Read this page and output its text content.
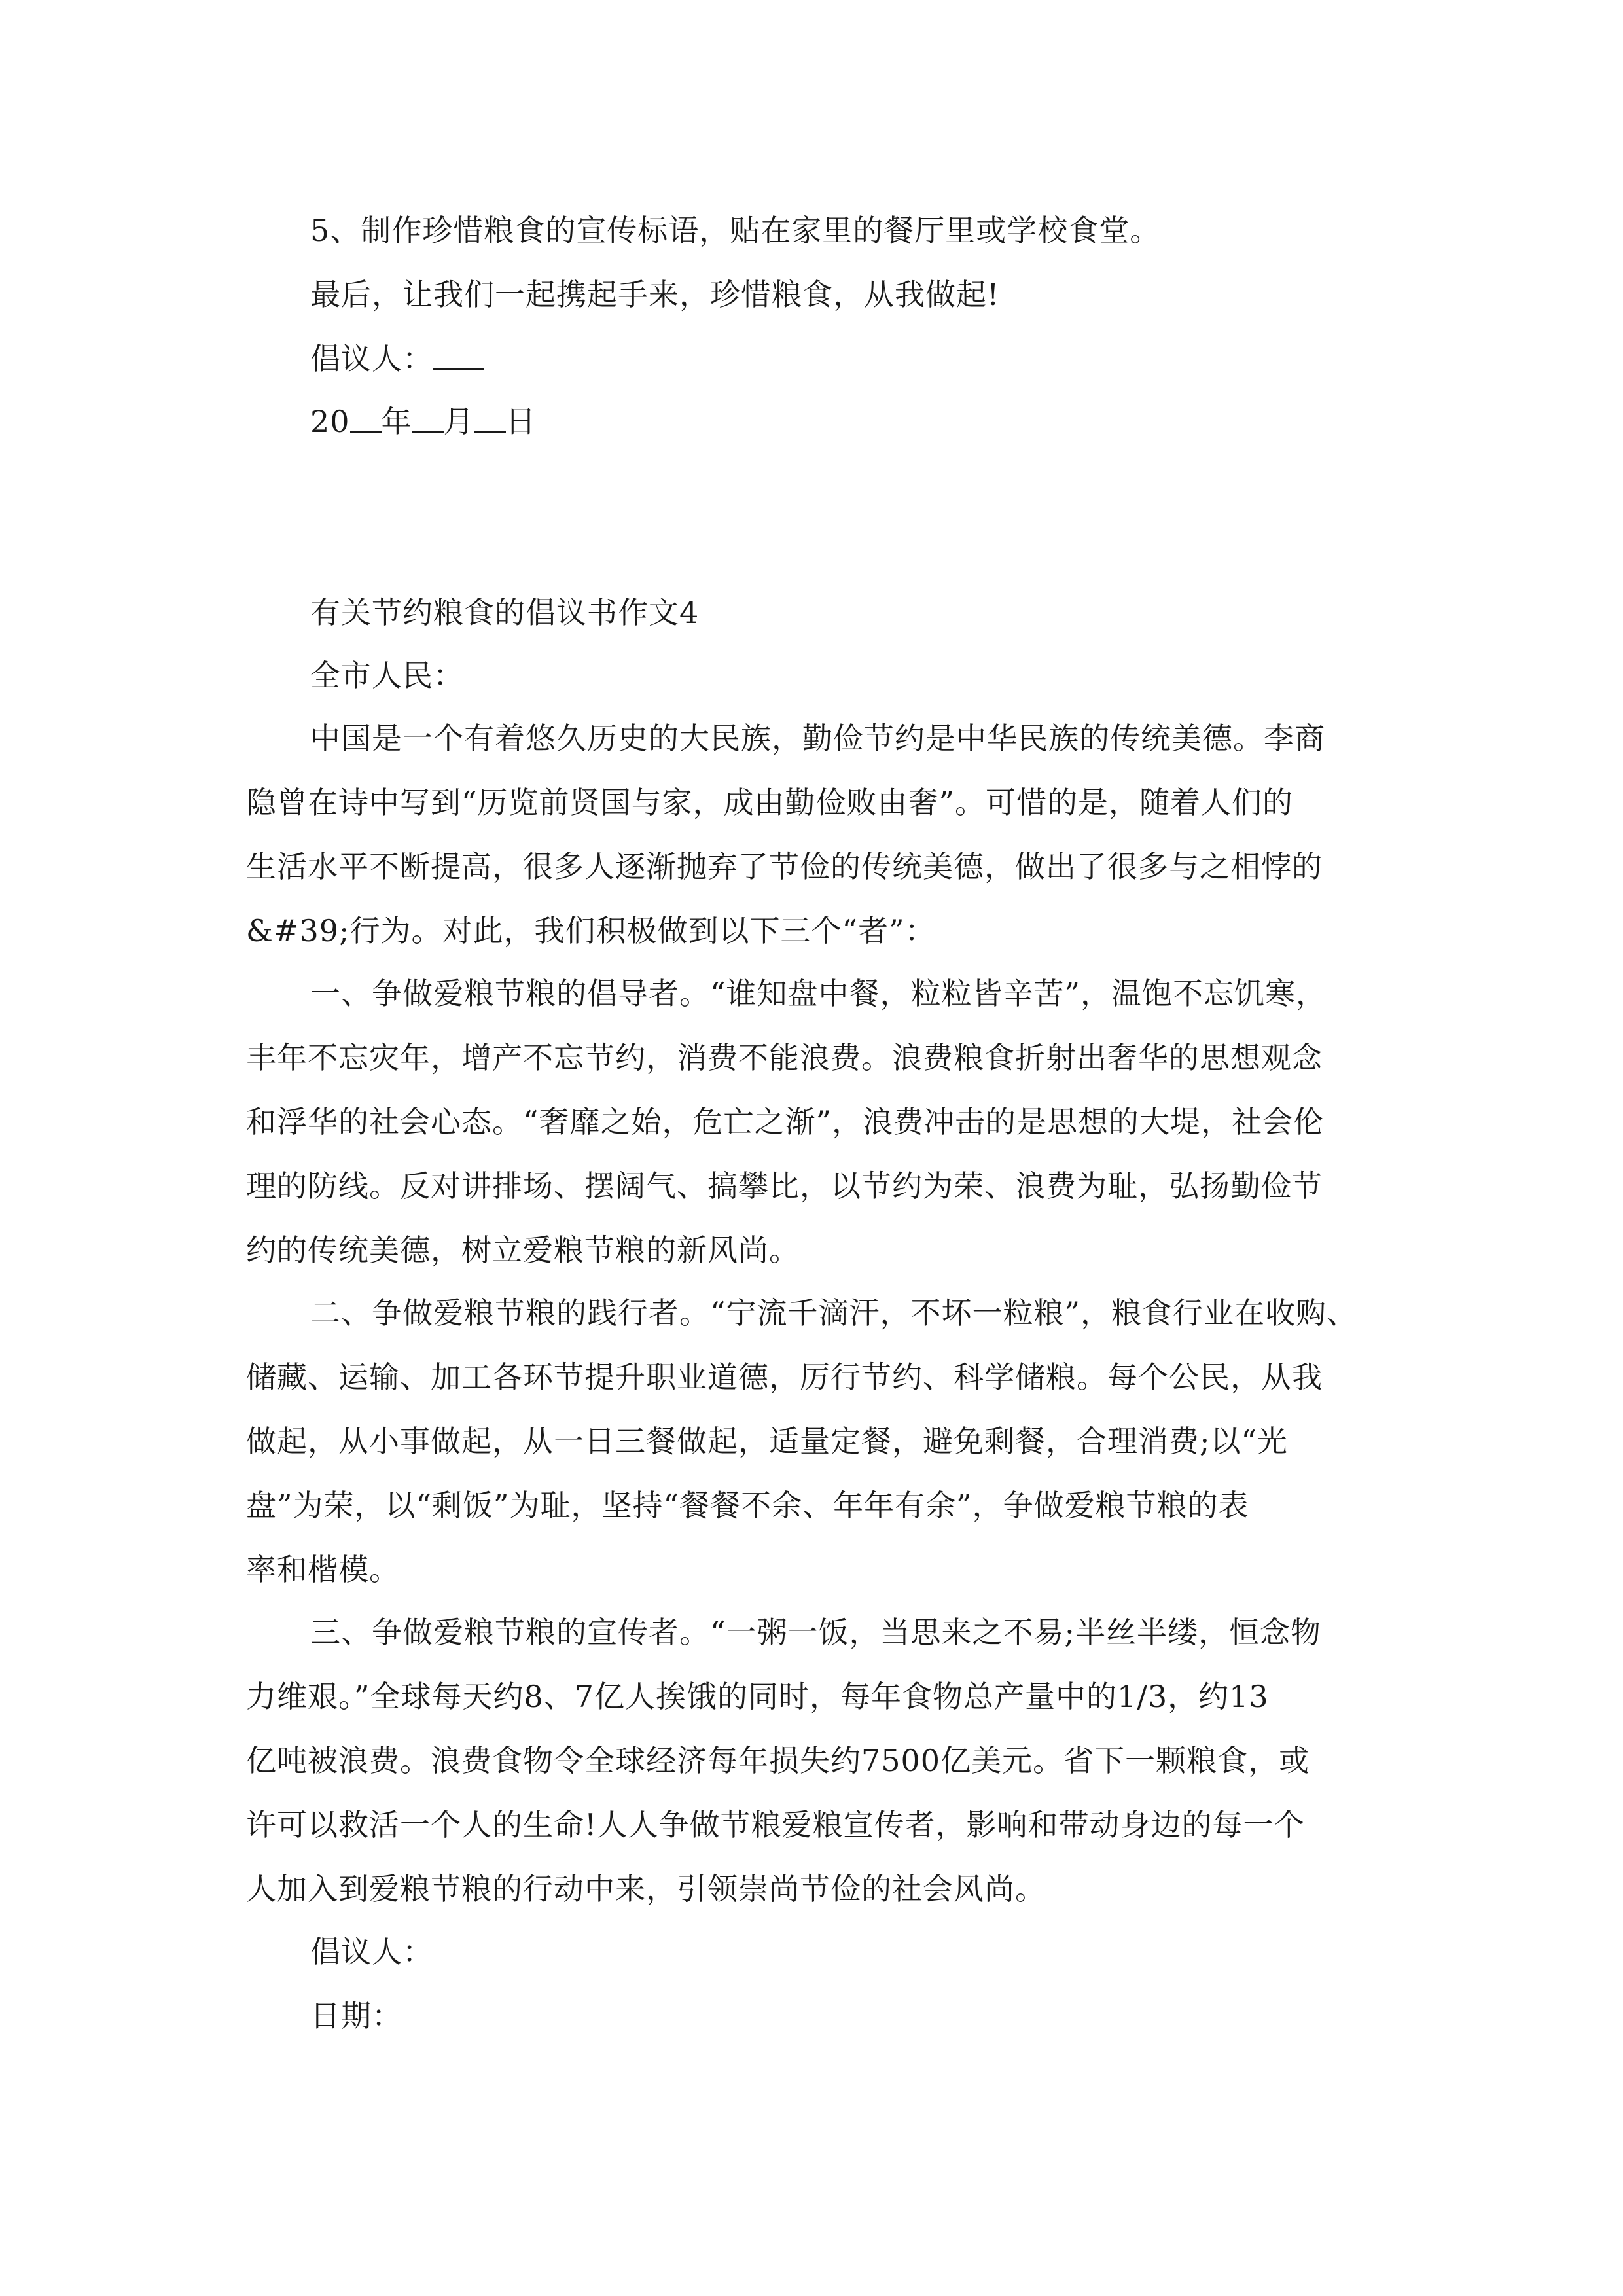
5、制作珍惜粮食的宣传标语，贴在家里的餐厅里或学校食堂。
最后，让我们一起携起手来，珍惜粮食，从我做起!
倡议人：
20 年 月 日
有关节约粮食的倡议书作文4
全市人民：
中国是一个有着悠久历史的大民族，勤俭节约是中华民族的传统美德。李商
隐曾在诗中写到“历览前贤国与家，成由勤俭败由奢”。可惜的是，随着人们的
生活水平不断提高，很多人逐渐抛弃了节俭的传统美德，做出了很多与之相悖的
&#39;行为。对此，我们积极做到以下三个“者”：
一、争做爱粮节粮的倡导者。“谁知盘中餐，粒粒皆辛苦”，温饱不忘饥寒，
丰年不忘灾年，增产不忘节约，消费不能浪费。浪费粮食折射出奢华的思想观念
和浮华的社会心态。“奢靡之始，危亡之渐”，浪费冲击的是思想的大堤，社会伦
理的防线。反对讲排场、摆阔气、搞攀比，以节约为荣、浪费为耻，弘扬勤俭节
约的传统美德，树立爱粮节粮的新风尚。
二、争做爱粮节粮的践行者。“宁流千滴汗，不坏一粒粮”，粮食行业在收购、
储藏、运输、加工各环节提升职业道德，厉行节约、科学储粮。每个公民，从我
做起，从小事做起，从一日三餐做起，适量定餐，避免剩餐，合理消费;以“光
盘”为荣，以“剩饭”为耻，坚持“餐餐不余、年年有余”，争做爱粮节粮的表
率和楷模。
三、争做爱粮节粮的宣传者。“一粥一饭，当思来之不易;半丝半缕，恒念物
力维艰。”全球每天约8、7亿人挨饿的同时，每年食物总产量中的1/3，约13
亿吨被浪费。浪费食物令全球经济每年损失约7500亿美元。省下一颗粮食，或
许可以救活一个人的生命!人人争做节粮爱粮宣传者，影响和带动身边的每一个
人加入到爱粮节粮的行动中来，引领崇尚节俭的社会风尚。
倡议人：
日期：
